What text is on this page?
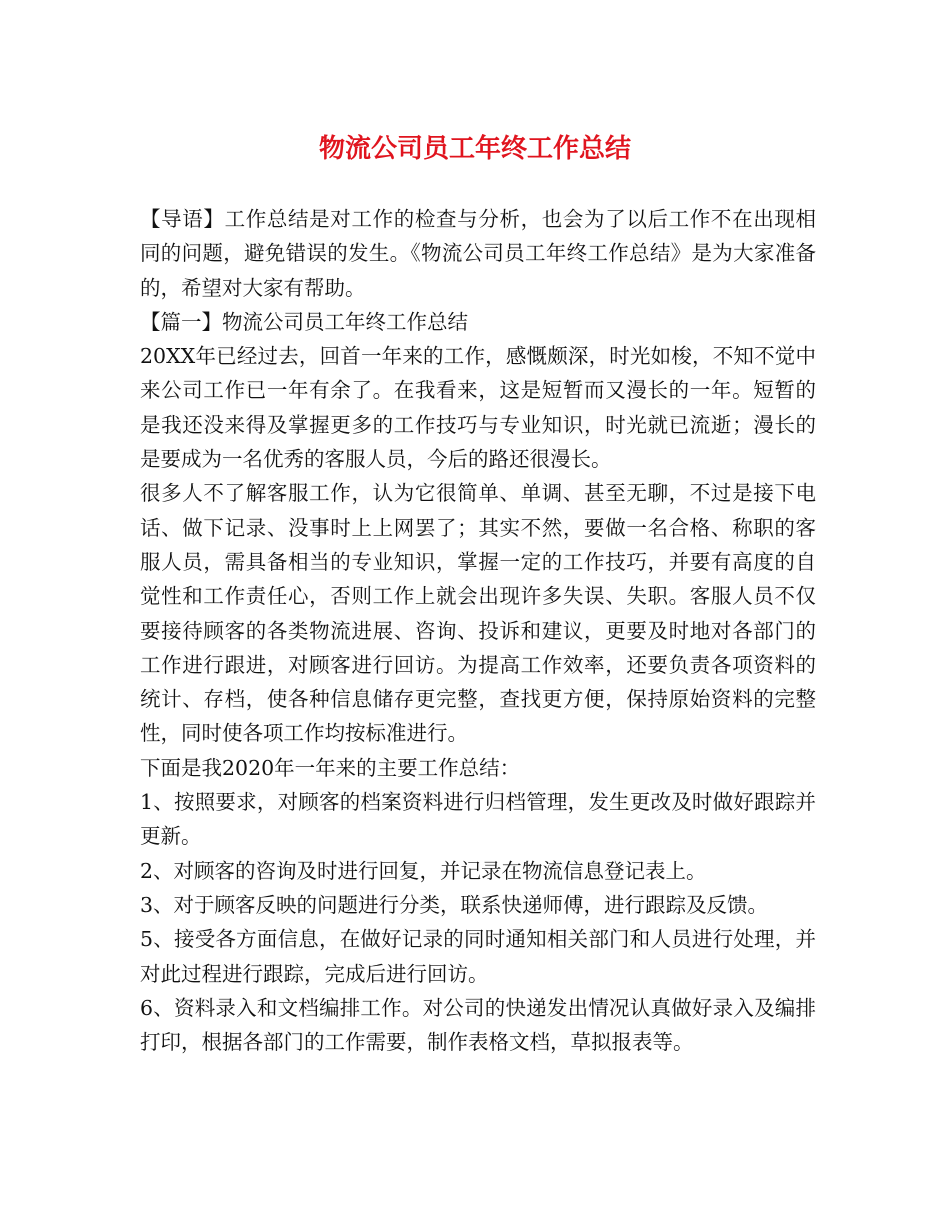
物流公司员工年终工作总结

【导语】工作总结是对工作的检查与分析，也会为了以后工作不在出现相同的问题，避免错误的发生。《物流公司员工年终工作总结》是为大家准备的，希望对大家有帮助。

【篇一】物流公司员工年终工作总结

20XX年已经过去，回首一年来的工作，感慨颇深，时光如梭，不知不觉中来公司工作已一年有余了。在我看来，这是短暂而又漫长的一年。短暂的是我还没来得及掌握更多的工作技巧与专业知识，时光就已流逝；漫长的是要成为一名优秀的客服人员，今后的路还很漫长。

很多人不了解客服工作，认为它很简单、单调、甚至无聊，不过是接下电话、做下记录、没事时上上网罢了；其实不然，要做一名合格、称职的客服人员，需具备相当的专业知识，掌握一定的工作技巧，并要有高度的自觉性和工作责任心，否则工作上就会出现许多失误、失职。客服人员不仅要接待顾客的各类物流进展、咨询、投诉和建议，更要及时地对各部门的工作进行跟进，对顾客进行回访。为提高工作效率，还要负责各项资料的统计、存档，使各种信息储存更完整，查找更方便，保持原始资料的完整性，同时使各项工作均按标准进行。

下面是我2020年一年来的主要工作总结：

1、按照要求，对顾客的档案资料进行归档管理，发生更改及时做好跟踪并更新。

2、对顾客的咨询及时进行回复，并记录在物流信息登记表上。

3、对于顾客反映的问题进行分类，联系快递师傅，进行跟踪及反馈。

5、接受各方面信息，在做好记录的同时通知相关部门和人员进行处理，并对此过程进行跟踪，完成后进行回访。

6、资料录入和文档编排工作。对公司的快递发出情况认真做好录入及编排打印，根据各部门的工作需要，制作表格文档，草拟报表等。
